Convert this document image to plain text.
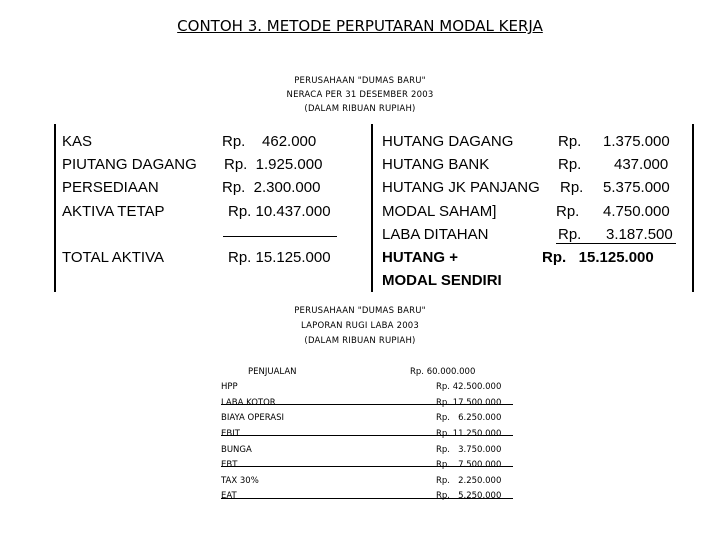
CONTOH 3. METODE PERPUTARAN MODAL KERJA
PERUSAHAAN "DUMAS BARU"
NERACA PER 31 DESEMBER 2003
(DALAM RIBUAN RUPIAH)
KAS	Rp.    462.000
PIUTANG DAGANG Rp.  1.925.000
PERSEDIAAN	Rp.  2.300.000
AKTIVA TETAP	Rp. 10.437.000
TOTAL AKTIVA	Rp. 15.125.000
HUTANG DAGANG	Rp. 1.375.000
HUTANG BANK	Rp. 437.000
HUTANG JK PANJANG Rp. 5.375.000
MODAL SAHAM]	Rp. 4.750.000
LABA DITAHAN	Rp. 3.187.500
HUTANG +	Rp.   15.125.000
MODAL SENDIRI
PERUSAHAAN "DUMAS BARU"
LAPORAN RUGI LABA 2003
(DALAM RIBUAN RUPIAH)
PENJUALAN	Rp. 60.000.000
HPP	Rp. 42.500.000
LABA KOTOR	Rp. 17.500.000
BIAYA OPERASI	Rp.   6.250.000
EBIT	Rp. 11.250.000
BUNGA	Rp.   3.750.000
EBT	Rp.   7.500.000
TAX 30%	Rp.   2.250.000
EAT	Rp.   5.250.000
